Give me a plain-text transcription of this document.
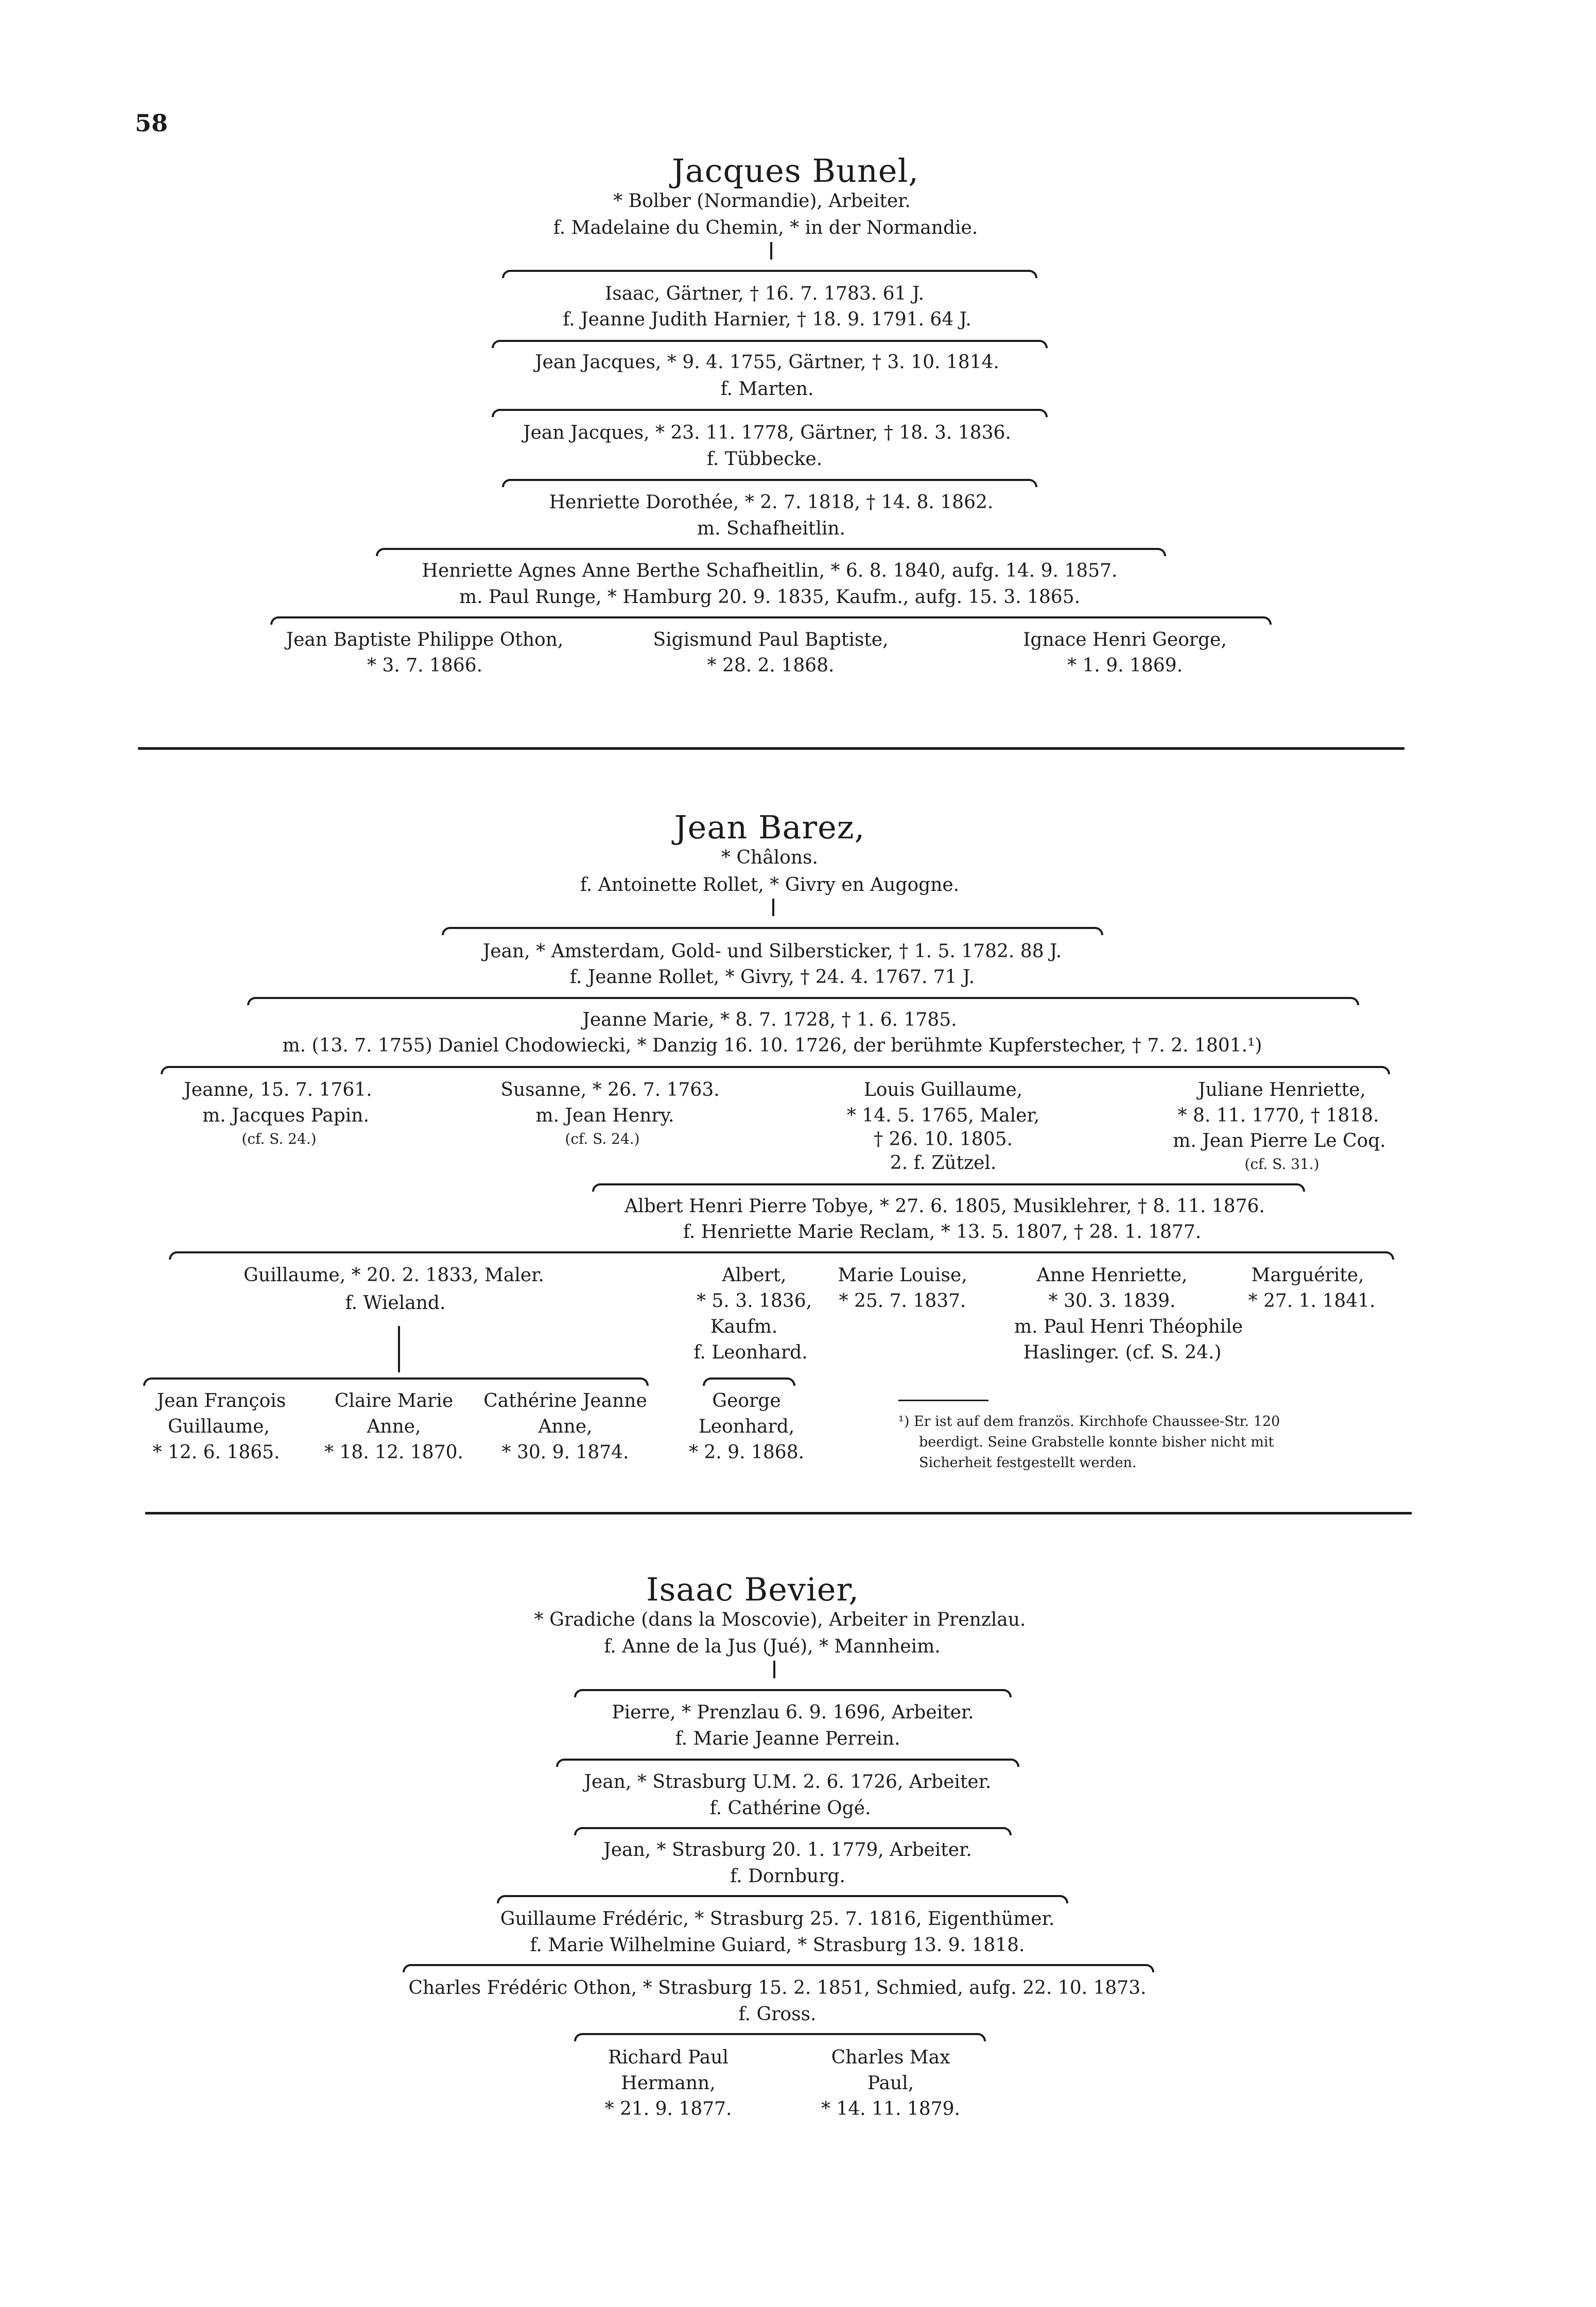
58
Jacques Bunel,
* Bolber (Normandie), Arbeiter.
f. Madelaine du Chemin, * in der Normandie.
Isaac, Gärtner, † 16. 7. 1783. 61 J.
f. Jeanne Judith Harnier, † 18. 9. 1791. 64 J.
Jean Jacques, * 9. 4. 1755, Gärtner, † 3. 10. 1814.
f. Marten.
Jean Jacques, * 23. 11. 1778, Gärtner, † 18. 3. 1836.
f. Tübbecke.
Henriette Dorothée, * 2. 7. 1818, † 14. 8. 1862.
m. Schafheitlin.
Henriette Agnes Anne Berthe Schafheitlin, * 6. 8. 1840, aufg. 14. 9. 1857.
m. Paul Runge, * Hamburg 20. 9. 1835, Kaufm., aufg. 15. 3. 1865.
Jean Baptiste Philippe Othon,
* 3. 7. 1866.
Sigismund Paul Baptiste,
* 28. 2. 1868.
Ignace Henri George,
* 1. 9. 1869.
Jean Barez,
* Châlons.
f. Antoinette Rollet, * Givry en Augogne.
Jean, * Amsterdam, Gold- und Silbersticker, † 1. 5. 1782. 88 J.
f. Jeanne Rollet, * Givry, † 24. 4. 1767. 71 J.
Jeanne Marie, * 8. 7. 1728, † 1. 6. 1785.
m. (13. 7. 1755) Daniel Chodowiecki, * Danzig 16. 10. 1726, der berühmte Kupferstecher, † 7. 2. 1801.¹)
Jeanne, 15. 7. 1761.
m. Jacques Papin.
(cf. S. 24.)
Susanne, * 26. 7. 1763.
m. Jean Henry.
(cf. S. 24.)
Louis Guillaume,
* 14. 5. 1765, Maler,
† 26. 10. 1805.
2. f. Zützel.
Juliane Henriette,
* 8. 11. 1770, † 1818.
m. Jean Pierre Le Coq.
(cf. S. 31.)
Albert Henri Pierre Tobye, * 27. 6. 1805, Musiklehrer, † 8. 11. 1876.
f. Henriette Marie Reclam, * 13. 5. 1807, † 28. 1. 1877.
Guillaume, * 20. 2. 1833, Maler.
f. Wieland.
Albert,
* 5. 3. 1836,
Kaufm.
f. Leonhard.
Marie Louise,
* 25. 7. 1837.
Anne Henriette,
* 30. 3. 1839.
m. Paul Henri Théophile
Haslinger. (cf. S. 24.)
Marguérite,
* 27. 1. 1841.
Jean François
Guillaume,
* 12. 6. 1865.
Claire Marie
Anne,
* 18. 12. 1870.
Cathérine Jeanne
Anne,
* 30. 9. 1874.
George
Leonhard,
* 2. 9. 1868.
¹) Er ist auf dem französ. Kirchhofe Chaussee-Str. 120
beerdigt. Seine Grabstelle konnte bisher nicht mit
Sicherheit festgestellt werden.
Isaac Bevier,
* Gradiche (dans la Moscovie), Arbeiter in Prenzlau.
f. Anne de la Jus (Jué), * Mannheim.
Pierre, * Prenzlau 6. 9. 1696, Arbeiter.
f. Marie Jeanne Perrein.
Jean, * Strasburg U.M. 2. 6. 1726, Arbeiter.
f. Cathérine Ogé.
Jean, * Strasburg 20. 1. 1779, Arbeiter.
f. Dornburg.
Guillaume Frédéric, * Strasburg 25. 7. 1816, Eigenthümer.
f. Marie Wilhelmine Guiard, * Strasburg 13. 9. 1818.
Charles Frédéric Othon, * Strasburg 15. 2. 1851, Schmied, aufg. 22. 10. 1873.
f. Gross.
Richard Paul
Hermann,
* 21. 9. 1877.
Charles Max
Paul,
* 14. 11. 1879.
